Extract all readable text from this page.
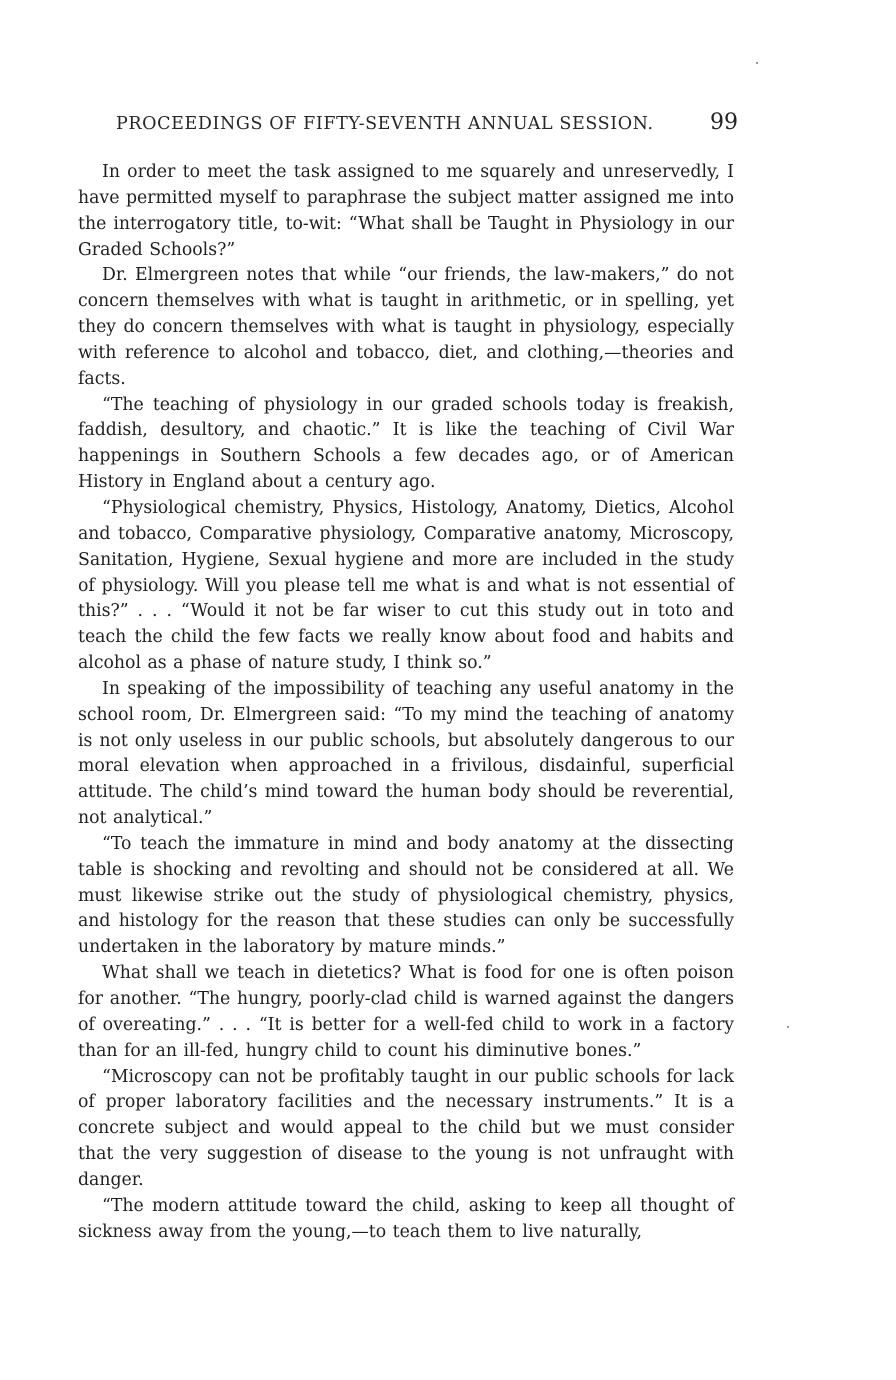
PROCEEDINGS OF FIFTY-SEVENTH ANNUAL SESSION.	99

In order to meet the task assigned to me squarely and unreservedly, I have permitted myself to paraphrase the subject matter assigned me into the interrogatory title, to-wit: “What shall be Taught in Physiology in our Graded Schools?”

Dr. Elmergreen notes that while “our friends, the law-makers,” do not concern themselves with what is taught in arithmetic, or in spelling, yet they do concern themselves with what is taught in physiology, especially with reference to alcohol and tobacco, diet, and clothing,—theories and facts.

“The teaching of physiology in our graded schools today is freakish, faddish, desultory, and chaotic.” It is like the teaching of Civil War happenings in Southern Schools a few decades ago, or of American History in England about a century ago.

“Physiological chemistry, Physics, Histology, Anatomy, Dietics, Alcohol and tobacco, Comparative physiology, Comparative anatomy, Microscopy, Sanitation, Hygiene, Sexual hygiene and more are included in the study of physiology. Will you please tell me what is and what is not essential of this?” . . . “Would it not be far wiser to cut this study out in toto and teach the child the few facts we really know about food and habits and alcohol as a phase of nature study, I think so.”

In speaking of the impossibility of teaching any useful anatomy in the school room, Dr. Elmergreen said: “To my mind the teaching of anatomy is not only useless in our public schools, but absolutely dangerous to our moral elevation when approached in a frivilous, disdainful, superficial attitude. The child’s mind toward the human body should be reverential, not analytical.”

“To teach the immature in mind and body anatomy at the dissecting table is shocking and revolting and should not be considered at all. We must likewise strike out the study of physiological chemistry, physics, and histology for the reason that these studies can only be successfully undertaken in the laboratory by mature minds.”

What shall we teach in dietetics? What is food for one is often poison for another. “The hungry, poorly-clad child is warned against the dangers of overeating.” . . . “It is better for a well-fed child to work in a factory than for an ill-fed, hungry child to count his diminutive bones.”

“Microscopy can not be profitably taught in our public schools for lack of proper laboratory facilities and the necessary instruments.” It is a concrete subject and would appeal to the child but we must consider that the very suggestion of disease to the young is not unfraught with danger.

“The modern attitude toward the child, asking to keep all thought of sickness away from the young,—to teach them to live naturally,
